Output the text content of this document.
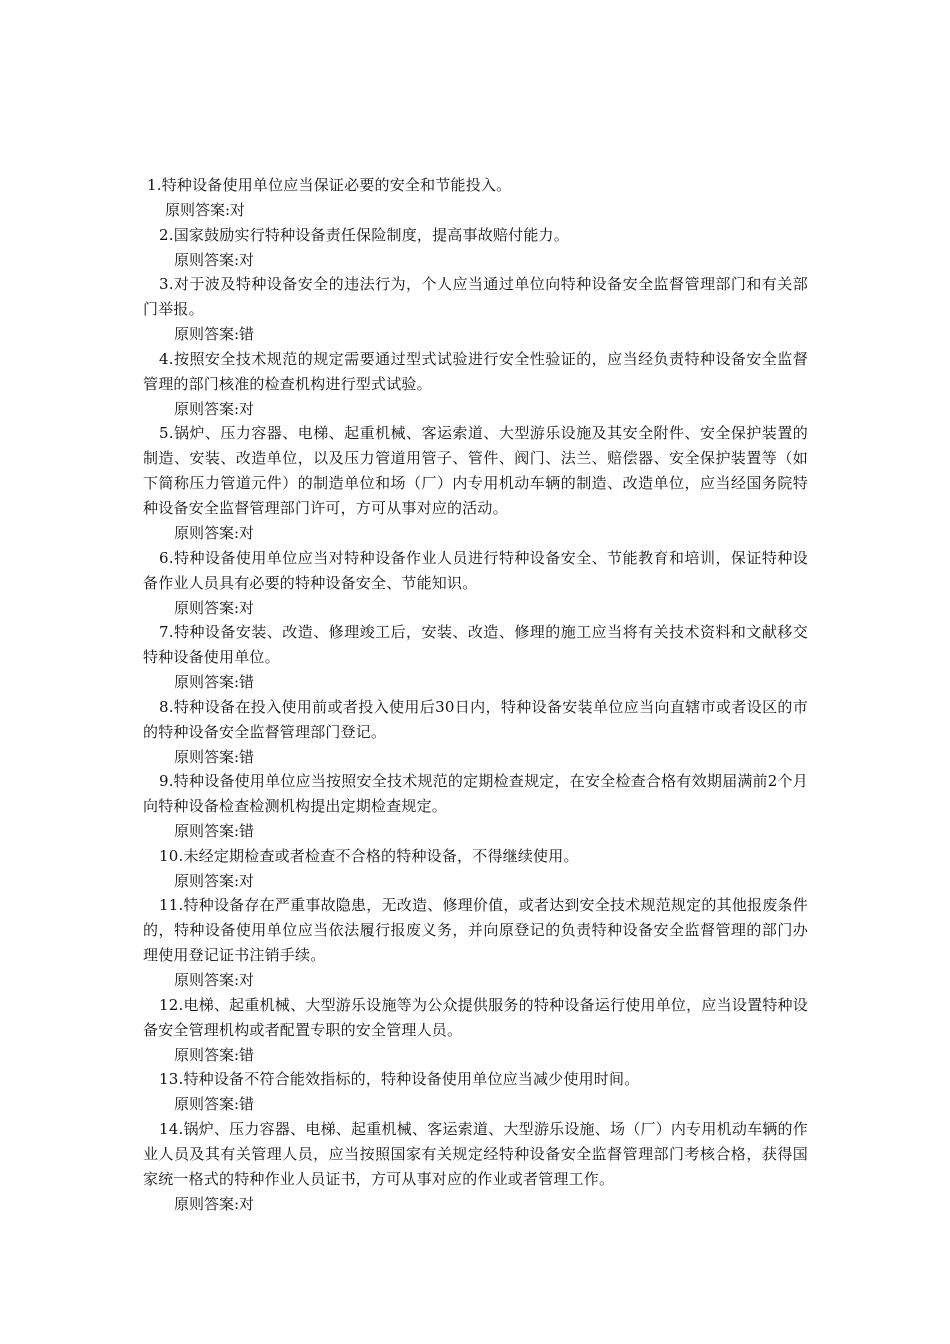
1.特种设备使用单位应当保证必要的安全和节能投入。

原则答案:对

2.国家鼓励实行特种设备责任保险制度，提高事故赔付能力。

原则答案:对

3.对于波及特种设备安全的违法行为，个人应当通过单位向特种设备安全监督管理部门和有关部门举报。

原则答案:错

4.按照安全技术规范的规定需要通过型式试验进行安全性验证的，应当经负责特种设备安全监督管理的部门核准的检查机构进行型式试验。

原则答案:对

5.锅炉、压力容器、电梯、起重机械、客运索道、大型游乐设施及其安全附件、安全保护装置的制造、安装、改造单位，以及压力管道用管子、管件、阀门、法兰、赔偿器、安全保护装置等（如下简称压力管道元件）的制造单位和场（厂）内专用机动车辆的制造、改造单位，应当经国务院特种设备安全监督管理部门许可，方可从事对应的活动。

原则答案:对

6.特种设备使用单位应当对特种设备作业人员进行特种设备安全、节能教育和培训，保证特种设备作业人员具有必要的特种设备安全、节能知识。

原则答案:对

7.特种设备安装、改造、修理竣工后，安装、改造、修理的施工应当将有关技术资料和文献移交特种设备使用单位。

原则答案:错

8.特种设备在投入使用前或者投入使用后30日内，特种设备安装单位应当向直辖市或者设区的市的特种设备安全监督管理部门登记。

原则答案:错

9.特种设备使用单位应当按照安全技术规范的定期检查规定，在安全检查合格有效期届满前2个月向特种设备检查检测机构提出定期检查规定。

原则答案:错

10.未经定期检查或者检查不合格的特种设备，不得继续使用。

原则答案:对

11.特种设备存在严重事故隐患，无改造、修理价值，或者达到安全技术规范规定的其他报废条件的，特种设备使用单位应当依法履行报废义务，并向原登记的负责特种设备安全监督管理的部门办理使用登记证书注销手续。

原则答案:对

12.电梯、起重机械、大型游乐设施等为公众提供服务的特种设备运行使用单位，应当设置特种设备安全管理机构或者配置专职的安全管理人员。

原则答案:错

13.特种设备不符合能效指标的，特种设备使用单位应当减少使用时间。

原则答案:错

14.锅炉、压力容器、电梯、起重机械、客运索道、大型游乐设施、场（厂）内专用机动车辆的作业人员及其有关管理人员，应当按照国家有关规定经特种设备安全监督管理部门考核合格，获得国家统一格式的特种作业人员证书，方可从事对应的作业或者管理工作。

原则答案:对
